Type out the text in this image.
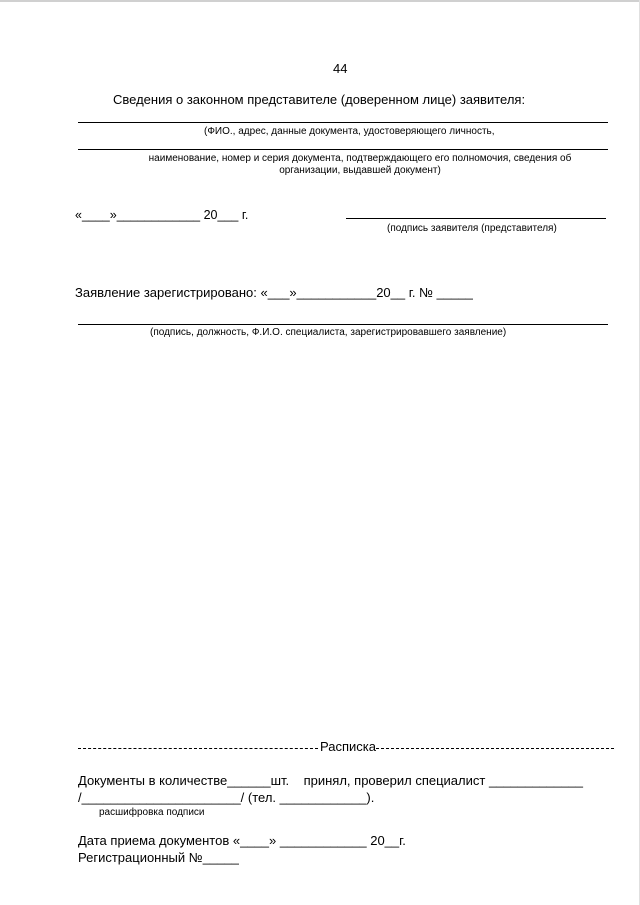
44
Сведения о законном представителе (доверенном лице) заявителя:
(ФИО., адрес, данные документа, удостоверяющего личность,
наименование, номер и серия документа, подтверждающего его полномочия, сведения об
организации, выдавшей документ)
«____»____________ 20___ г.
(подпись заявителя (представителя)
Заявление зарегистрировано: «___»___________20__ г. № _____
(подпись, должность, Ф.И.О. специалиста, зарегистрировавшего заявление)
Расписка
Документы в количестве______шт.    принял, проверил специалист _____________
/______________________/ (тел. ____________).
расшифровка подписи
Дата приема документов «____» ____________ 20__г.
Регистрационный №_____
